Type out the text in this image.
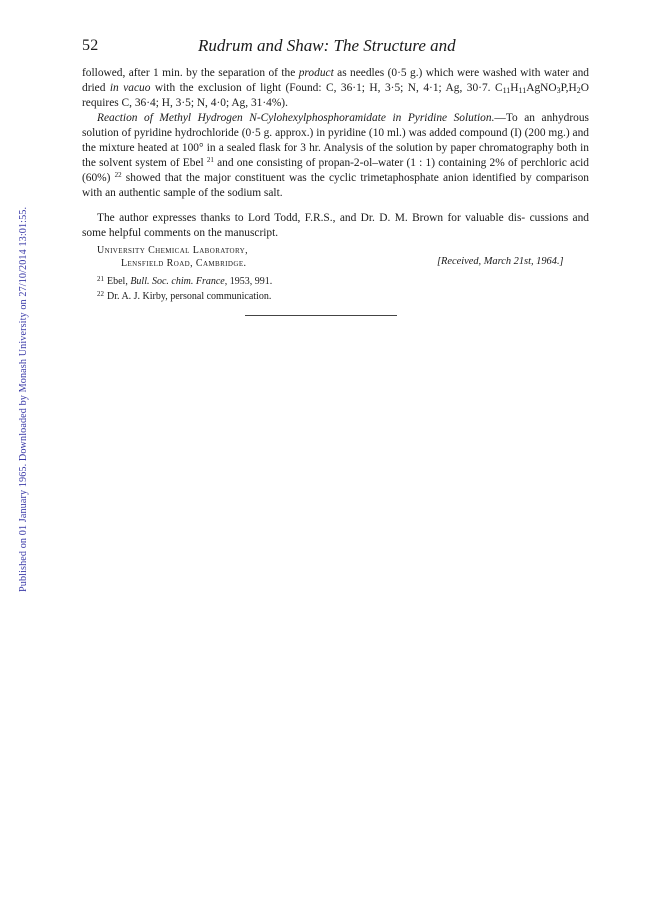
Published on 01 January 1965. Downloaded by Monash University on 27/10/2014 13:01:55.
52	Rudrum and Shaw: The Structure and

followed, after 1 min. by the separation of the product as needles (0·5 g.) which were washed with water and dried in vacuo with the exclusion of light (Found: C, 36·1; H, 3·5; N, 4·1; Ag, 30·7. $C_{11}H_{11}AgNO_3P,H_2O$ requires C, 36·4; H, 3·5; N, 4·0; Ag, 31·4%).

Reaction of Methyl Hydrogen N-Cylohexylphosphoramidate in Pyridine Solution.—To an anhydrous solution of pyridine hydrochloride (0·5 g. approx.) in pyridine (10 ml.) was added compound (I) (200 mg.) and the mixture heated at 100° in a sealed flask for 3 hr. Analysis of the solution by paper chromatography both in the solvent system of Ebel $^{21}$ and one consisting of propan-2-ol–water (1 : 1) containing 2% of perchloric acid (60%) $^{22}$ showed that the major constituent was the cyclic trimetaphosphate anion identified by comparison with an authentic sample of the sodium salt.

The author expresses thanks to Lord Todd, F.R.S., and Dr. D. M. Brown for valuable dis- cussions and some helpful comments on the manuscript.

University Chemical Laboratory,
Lensfield Road, Cambridge.	[Received, March 21st, 1964.]
$^{21}$ Ebel, Bull. Soc. chim. France, 1953, 991.
$^{22}$ Dr. A. J. Kirby, personal communication.
